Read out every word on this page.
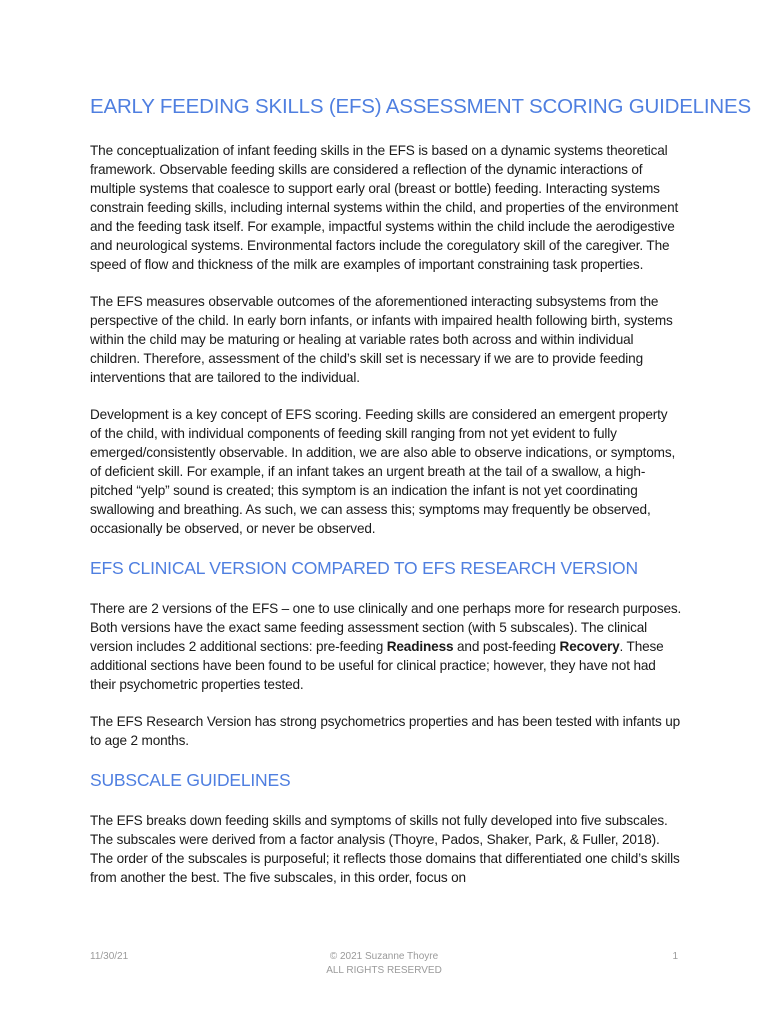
EARLY FEEDING SKILLS (EFS) ASSESSMENT SCORING GUIDELINES

The conceptualization of infant feeding skills in the EFS is based on a dynamic systems theoretical framework. Observable feeding skills are considered a reflection of the dynamic interactions of multiple systems that coalesce to support early oral (breast or bottle) feeding. Interacting systems constrain feeding skills, including internal systems within the child, and properties of the environment and the feeding task itself. For example, impactful systems within the child include the aerodigestive and neurological systems. Environmental factors include the coregulatory skill of the caregiver. The speed of flow and thickness of the milk are examples of important constraining task properties.

The EFS measures observable outcomes of the aforementioned interacting subsystems from the perspective of the child. In early born infants, or infants with impaired health following birth, systems within the child may be maturing or healing at variable rates both across and within individual children. Therefore, assessment of the child’s skill set is necessary if we are to provide feeding interventions that are tailored to the individual.

Development is a key concept of EFS scoring. Feeding skills are considered an emergent property of the child, with individual components of feeding skill ranging from not yet evident to fully emerged/consistently observable. In addition, we are also able to observe indications, or symptoms, of deficient skill. For example, if an infant takes an urgent breath at the tail of a swallow, a high-pitched “yelp” sound is created; this symptom is an indication the infant is not yet coordinating swallowing and breathing. As such, we can assess this; symptoms may frequently be observed, occasionally be observed, or never be observed.

EFS CLINICAL VERSION COMPARED TO EFS RESEARCH VERSION

There are 2 versions of the EFS – one to use clinically and one perhaps more for research purposes. Both versions have the exact same feeding assessment section (with 5 subscales). The clinical version includes 2 additional sections: pre-feeding Readiness and post-feeding Recovery. These additional sections have been found to be useful for clinical practice; however, they have not had their psychometric properties tested.

The EFS Research Version has strong psychometrics properties and has been tested with infants up to age 2 months.

SUBSCALE GUIDELINES

The EFS breaks down feeding skills and symptoms of skills not fully developed into five subscales. The subscales were derived from a factor analysis (Thoyre, Pados, Shaker, Park, & Fuller, 2018). The order of the subscales is purposeful; it reflects those domains that differentiated one child’s skills from another the best. The five subscales, in this order, focus on

11/30/21	© 2021 Suzanne Thoyre
ALL RIGHTS RESERVED
1
